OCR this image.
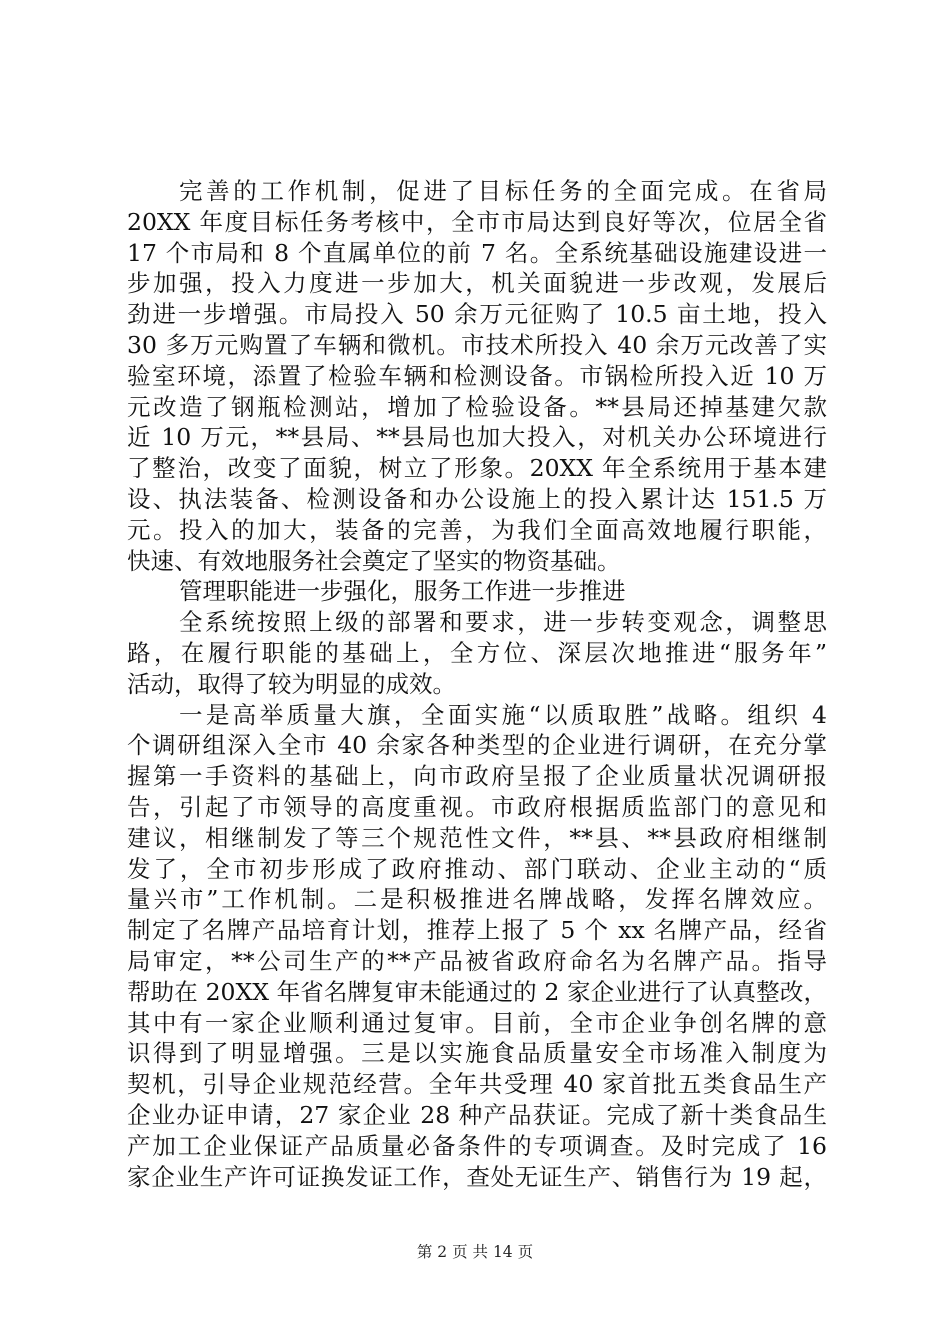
完善的工作机制，促进了目标任务的全面完成。在省局
20XX 年度目标任务考核中，全市市局达到良好等次，位居全省
17 个市局和 8 个直属单位的前 7 名。全系统基础设施建设进一
步加强，投入力度进一步加大，机关面貌进一步改观，发展后
劲进一步增强。市局投入 50 余万元征购了 10.5 亩土地，投入
30 多万元购置了车辆和微机。市技术所投入 40 余万元改善了实
验室环境，添置了检验车辆和检测设备。市锅检所投入近 10 万
元改造了钢瓶检测站，增加了检验设备。**县局还掉基建欠款
近 10 万元，**县局、**县局也加大投入，对机关办公环境进行
了整治，改变了面貌，树立了形象。20XX 年全系统用于基本建
设、执法装备、检测设备和办公设施上的投入累计达 151.5 万
元。投入的加大，装备的完善，为我们全面高效地履行职能，
快速、有效地服务社会奠定了坚实的物资基础。
管理职能进一步强化，服务工作进一步推进
全系统按照上级的部署和要求，进一步转变观念，调整思
路，在履行职能的基础上，全方位、深层次地推进“服务年”
活动，取得了较为明显的成效。
一是高举质量大旗，全面实施“以质取胜”战略。组织 4
个调研组深入全市 40 余家各种类型的企业进行调研，在充分掌
握第一手资料的基础上，向市政府呈报了企业质量状况调研报
告，引起了市领导的高度重视。市政府根据质监部门的意见和
建议，相继制发了等三个规范性文件，**县、**县政府相继制
发了，全市初步形成了政府推动、部门联动、企业主动的“质
量兴市”工作机制。二是积极推进名牌战略，发挥名牌效应。
制定了名牌产品培育计划，推荐上报了 5 个 xx 名牌产品，经省
局审定，**公司生产的**产品被省政府命名为名牌产品。指导
帮助在 20XX 年省名牌复审未能通过的 2 家企业进行了认真整改，
其中有一家企业顺利通过复审。目前，全市企业争创名牌的意
识得到了明显增强。三是以实施食品质量安全市场准入制度为
契机，引导企业规范经营。全年共受理 40 家首批五类食品生产
企业办证申请，27 家企业 28 种产品获证。完成了新十类食品生
产加工企业保证产品质量必备条件的专项调查。及时完成了 16
家企业生产许可证换发证工作，查处无证生产、销售行为 19 起，
第 2 页 共 14 页
